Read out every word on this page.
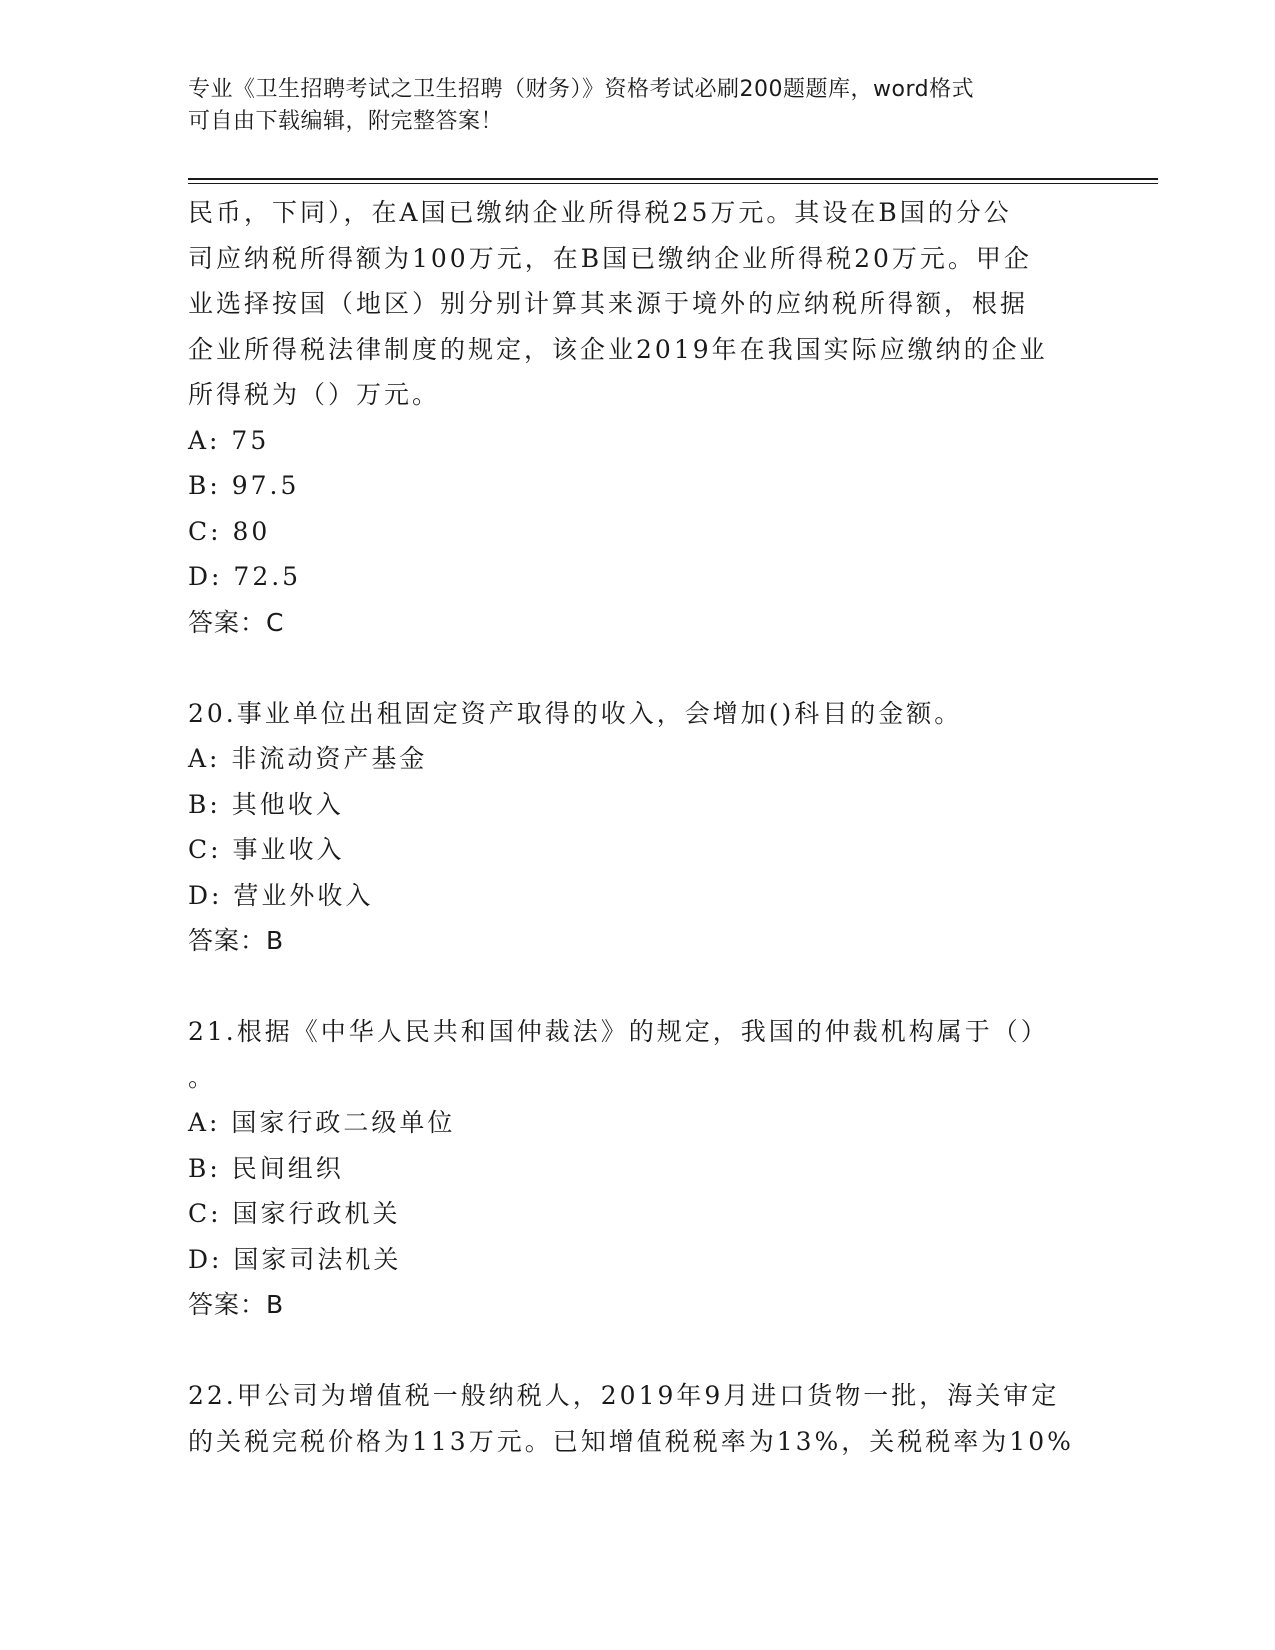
专业《卫生招聘考试之卫生招聘（财务）》资格考试必刷200题题库，word格式
可自由下载编辑，附完整答案！
民币，下同），在A国已缴纳企业所得税25万元。其设在B国的分公
司应纳税所得额为100万元，在B国已缴纳企业所得税20万元。甲企
业选择按国（地区）别分别计算其来源于境外的应纳税所得额，根据
企业所得税法律制度的规定，该企业2019年在我国实际应缴纳的企业
所得税为（）万元。
A: 75
B: 97.5
C: 80
D: 72.5
答案：C
20.事业单位出租固定资产取得的收入，会增加()科目的金额。
A: 非流动资产基金
B: 其他收入
C: 事业收入
D: 营业外收入
答案：B
21.根据《中华人民共和国仲裁法》的规定，我国的仲裁机构属于（）
。
A: 国家行政二级单位
B: 民间组织
C: 国家行政机关
D: 国家司法机关
答案：B
22.甲公司为增值税一般纳税人，2019年9月进口货物一批，海关审定
的关税完税价格为113万元。已知增值税税率为13%，关税税率为10%
